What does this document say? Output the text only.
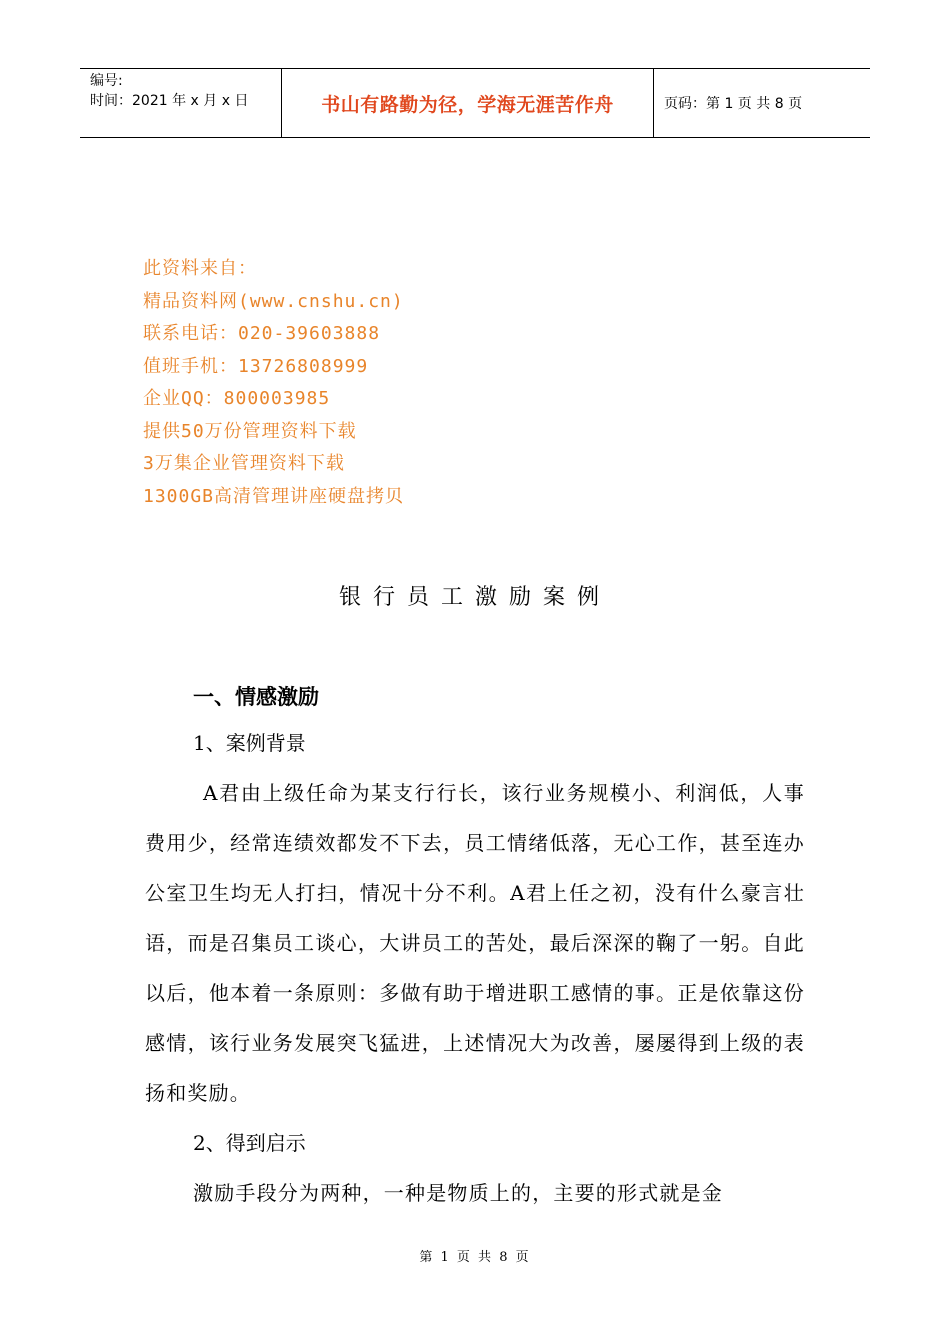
编号:
时间：2021 年 x 月 x 日	书山有路勤为径，学海无涯苦作舟	页码：第 1 页 共 8 页
此资料来自：
精品资料网(www.cnshu.cn)
联系电话：020-39603888
值班手机：13726808999
企业QQ：800003985
提供50万份管理资料下载
3万集企业管理资料下载
1300GB高清管理讲座硬盘拷贝
银行员工激励案例
一、情感激励
1、案例背景

A君由上级任命为某支行行长，该行业务规模小、利润低，人事费用少，经常连绩效都发不下去，员工情绪低落，无心工作，甚至连办公室卫生均无人打扫，情况十分不利。A君上任之初，没有什么豪言壮语，而是召集员工谈心，大讲员工的苦处，最后深深的鞠了一躬。自此以后，他本着一条原则：多做有助于增进职工感情的事。正是依靠这份感情，该行业务发展突飞猛进，上述情况大为改善，屡屡得到上级的表扬和奖励。

2、得到启示
激励手段分为两种，一种是物质上的，主要的形式就是金
第 1 页 共 8 页
